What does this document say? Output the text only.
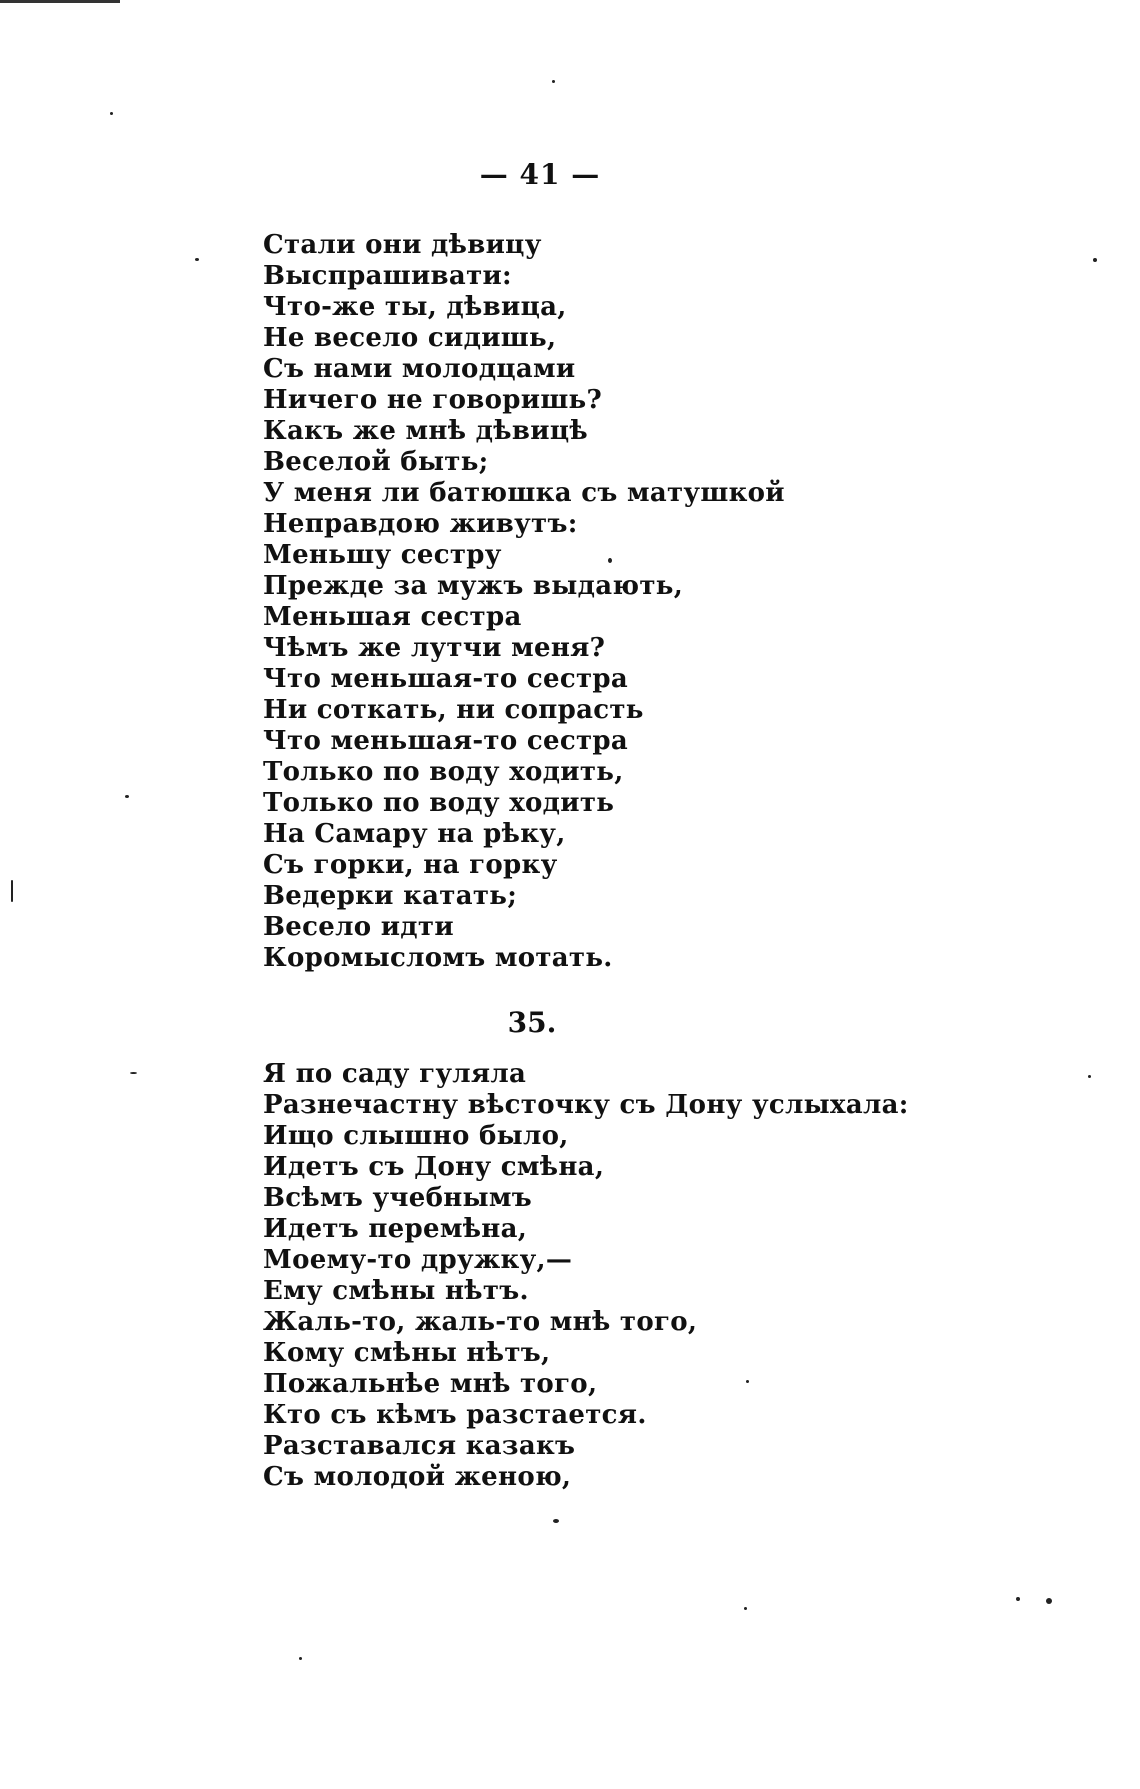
— 41 —
Стали они дѣвицу
Выспрашивати:
Что-же ты, дѣвица,
Не весело сидишь,
Съ нами молодцами
Ничего не говоришь?
Какъ же мнѣ дѣвицѣ
Веселой быть;
У меня ли батюшка съ матушкой
Неправдою живутъ:
Меньшу сестру
Прежде за мужъ выдають,
Меньшая сестра
Чѣмъ же лутчи меня?
Что меньшая-то сестра
Ни соткать, ни сопрасть
Что меньшая-то сестра
Только по воду ходить,
Только по воду ходить
На Самару на рѣку,
Съ горки, на горку
Ведерки катать;
Весело идти
Коромысломъ мотать.
35.
Я по саду гуляла
Разнечастну вѣсточку съ Дону услыхала:
Ищо слышно было,
Идетъ съ Дону смѣна,
Всѣмъ учебнымъ
Идетъ перемѣна,
Моему-то дружку,—
Ему смѣны нѣтъ.
Жаль-то, жаль-то мнѣ того,
Кому смѣны нѣтъ,
Пожальнѣе мнѣ того,
Кто съ кѣмъ разстается.
Разставался казакъ
Съ молодой женою,
